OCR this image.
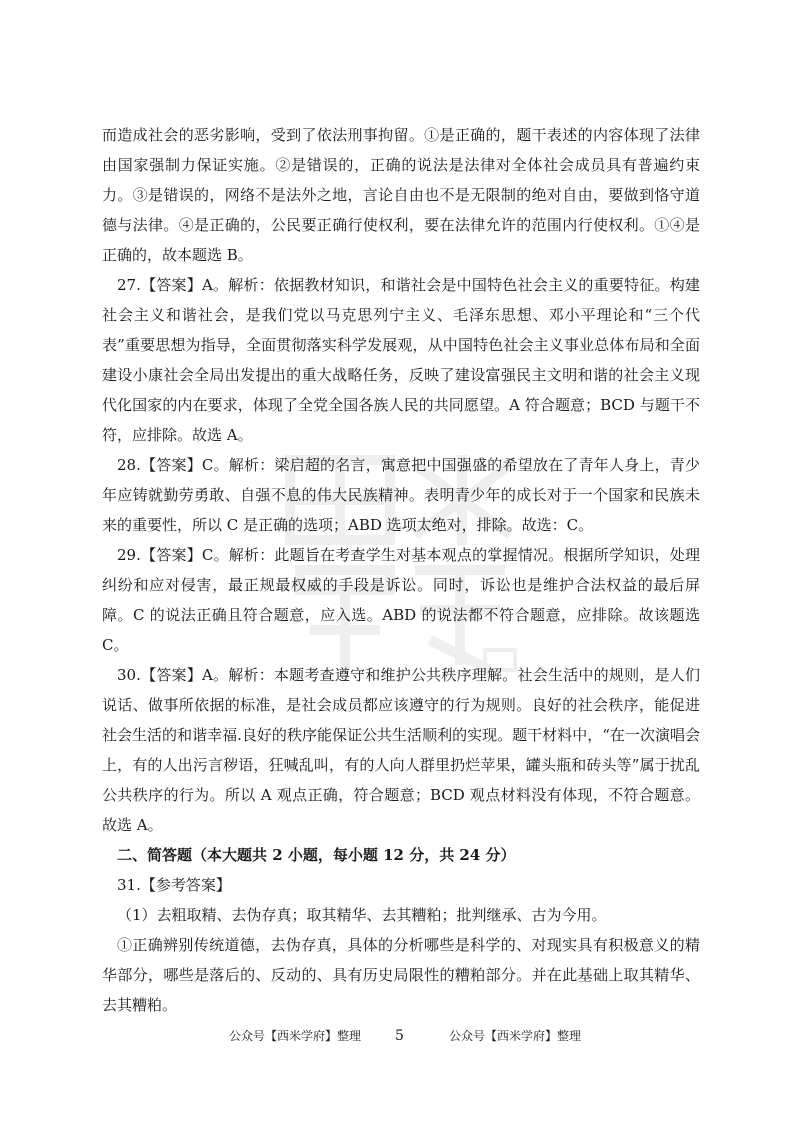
而造成社会的恶劣影响，受到了依法刑事拘留。①是正确的，题干表述的内容体现了法律由国家强制力保证实施。②是错误的，正确的说法是法律对全体社会成员具有普遍约束力。③是错误的，网络不是法外之地，言论自由也不是无限制的绝对自由，要做到恪守道德与法律。④是正确的，公民要正确行使权利，要在法律允许的范围内行使权利。①④是正确的，故本题选 B。

27.【答案】A。解析：依据教材知识，和谐社会是中国特色社会主义的重要特征。构建社会主义和谐社会，是我们党以马克思列宁主义、毛泽东思想、邓小平理论和“三个代表”重要思想为指导，全面贯彻落实科学发展观，从中国特色社会主义事业总体布局和全面建设小康社会全局出发提出的重大战略任务，反映了建设富强民主文明和谐的社会主义现代化国家的内在要求，体现了全党全国各族人民的共同愿望。A 符合题意；BCD 与题干不符，应排除。故选 A。

28.【答案】C。解析：梁启超的名言，寓意把中国强盛的希望放在了青年人身上，青少年应铸就勤劳勇敢、自强不息的伟大民族精神。表明青少年的成长对于一个国家和民族未来的重要性，所以 C 是正确的选项；ABD 选项太绝对，排除。故选：C。

29.【答案】C。解析：此题旨在考查学生对基本观点的掌握情况。根据所学知识，处理纠纷和应对侵害，最正规最权威的手段是诉讼。同时，诉讼也是维护合法权益的最后屏障。C 的说法正确且符合题意，应入选。ABD 的说法都不符合题意，应排除。故该题选 C。

30.【答案】A。解析：本题考查遵守和维护公共秩序理解。社会生活中的规则，是人们说话、做事所依据的标准，是社会成员都应该遵守的行为规则。良好的社会秩序，能促进社会生活的和谐幸福.良好的秩序能保证公共生活顺利的实现。题干材料中，“在一次演唱会上，有的人出污言秽语，狂喊乱叫，有的人向人群里扔烂苹果，罐头瓶和砖头等”属于扰乱公共秩序的行为。所以 A 观点正确，符合题意；BCD 观点材料没有体现，不符合题意。故选 A。

二、简答题（本大题共 2 小题，每小题 12 分，共 24 分）

31.【参考答案】

（1）去粗取精、去伪存真；取其精华、去其糟粕；批判继承、古为今用。

①正确辨别传统道德，去伪存真，具体的分析哪些是科学的、对现实具有积极意义的精华部分，哪些是落后的、反动的、具有历史局限性的糟粕部分。并在此基础上取其精华、去其糟粕。

公众号【西米学府】整理 5	公众号【西米学府】整理
